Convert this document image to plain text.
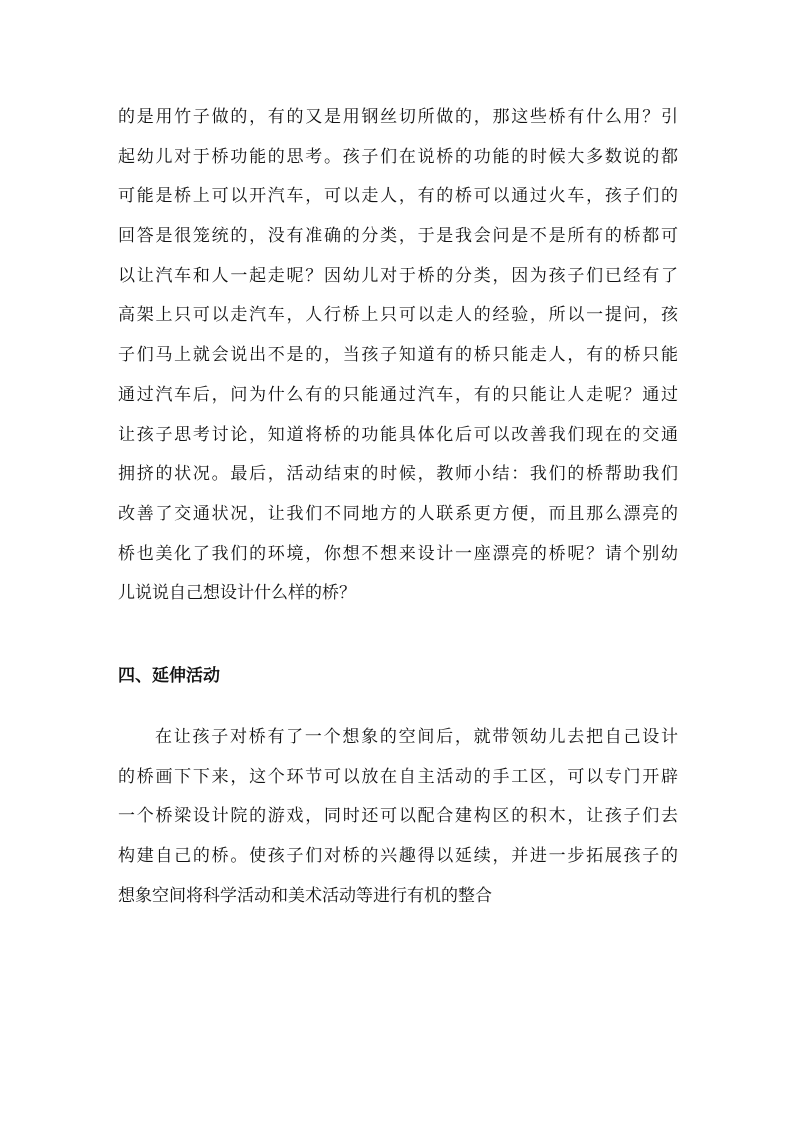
的是用竹子做的，有的又是用钢丝切所做的，那这些桥有什么用？引
起幼儿对于桥功能的思考。孩子们在说桥的功能的时候大多数说的都
可能是桥上可以开汽车，可以走人，有的桥可以通过火车，孩子们的
回答是很笼统的，没有准确的分类，于是我会问是不是所有的桥都可
以让汽车和人一起走呢？因幼儿对于桥的分类，因为孩子们已经有了
高架上只可以走汽车，人行桥上只可以走人的经验，所以一提问，孩
子们马上就会说出不是的，当孩子知道有的桥只能走人，有的桥只能
通过汽车后，问为什么有的只能通过汽车，有的只能让人走呢？通过
让孩子思考讨论，知道将桥的功能具体化后可以改善我们现在的交通
拥挤的状况。最后，活动结束的时候，教师小结：我们的桥帮助我们
改善了交通状况，让我们不同地方的人联系更方便，而且那么漂亮的
桥也美化了我们的环境，你想不想来设计一座漂亮的桥呢？请个别幼
儿说说自己想设计什么样的桥？
四、延伸活动
在让孩子对桥有了一个想象的空间后，就带领幼儿去把自己设计
的桥画下下来，这个环节可以放在自主活动的手工区，可以专门开辟
一个桥梁设计院的游戏，同时还可以配合建构区的积木，让孩子们去
构建自己的桥。使孩子们对桥的兴趣得以延续，并进一步拓展孩子的
想象空间将科学活动和美术活动等进行有机的整合
